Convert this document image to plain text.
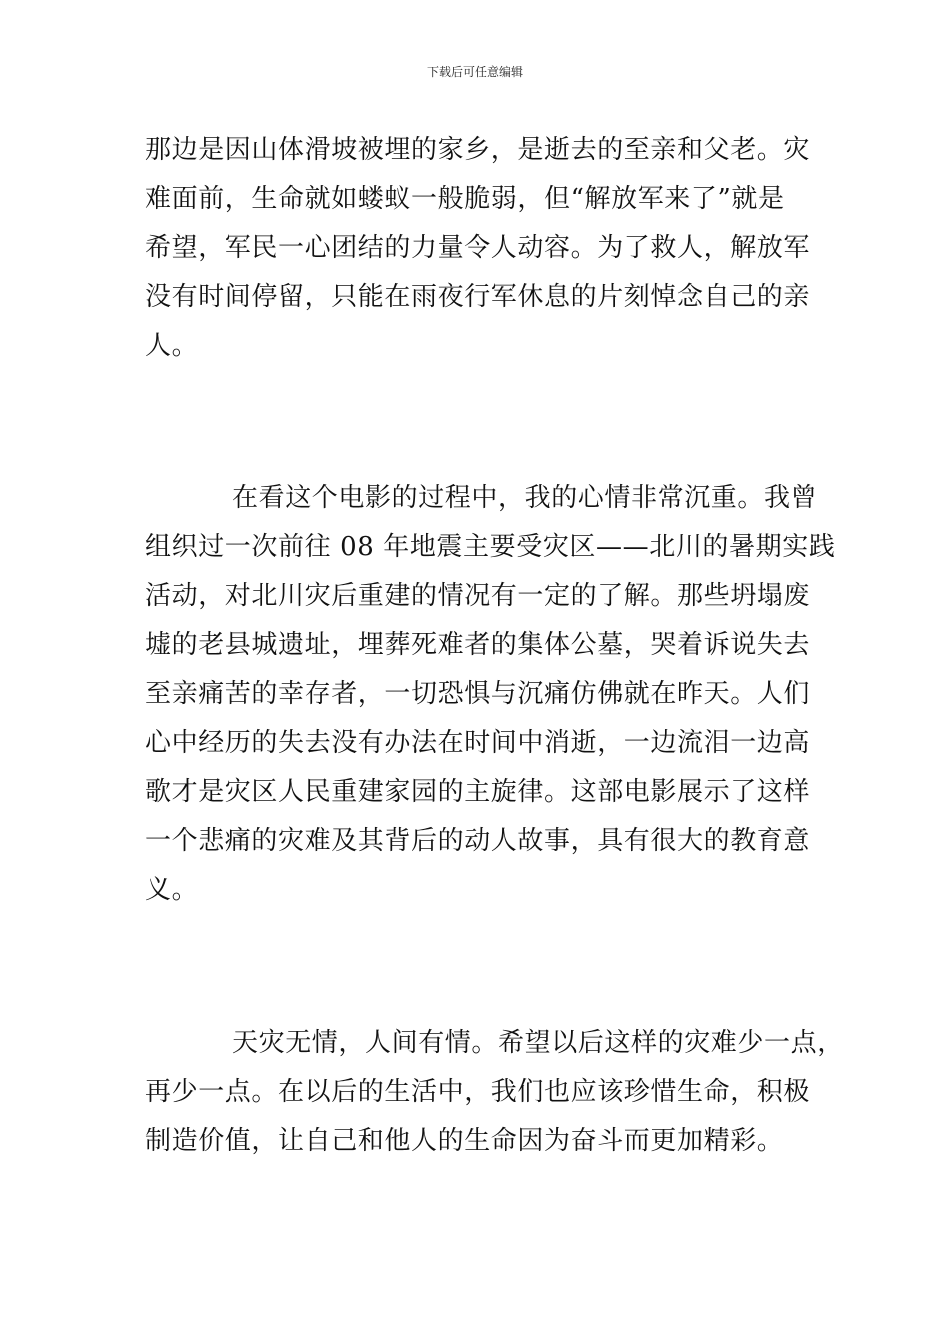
下载后可任意编辑
那边是因山体滑坡被埋的家乡，是逝去的至亲和父老。灾
难面前，生命就如蝼蚁一般脆弱，但“解放军来了”就是
希望，军民一心团结的力量令人动容。为了救人，解放军
没有时间停留，只能在雨夜行军休息的片刻悼念自己的亲
人。
在看这个电影的过程中，我的心情非常沉重。我曾
组织过一次前往 08 年地震主要受灾区——北川的暑期实践
活动，对北川灾后重建的情况有一定的了解。那些坍塌废
墟的老县城遗址，埋葬死难者的集体公墓，哭着诉说失去
至亲痛苦的幸存者，一切恐惧与沉痛仿佛就在昨天。人们
心中经历的失去没有办法在时间中消逝，一边流泪一边高
歌才是灾区人民重建家园的主旋律。这部电影展示了这样
一个悲痛的灾难及其背后的动人故事，具有很大的教育意
义。
天灾无情，人间有情。希望以后这样的灾难少一点，
再少一点。在以后的生活中，我们也应该珍惜生命，积极
制造价值，让自己和他人的生命因为奋斗而更加精彩。
